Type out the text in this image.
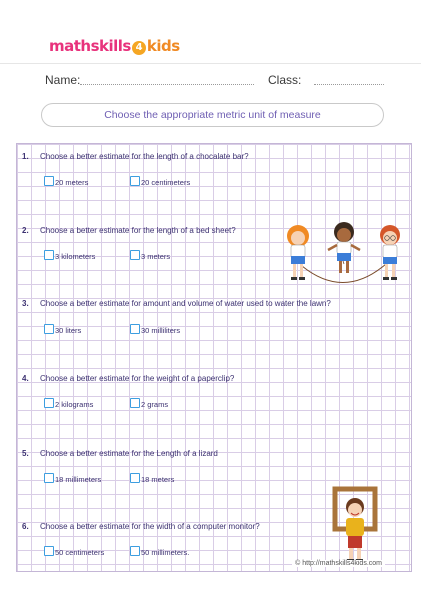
mathskills 4 kids
Name:	Class:
Choose the appropriate metric unit of measure
1. Choose a better estimate for the length of a chocalate bar?
20 meters	20 centimeters
2. Choose a better estimate for the length of a bed sheet?
3 kilometers	3 meters
3. Choose a better estimate for amount and volume of water used to water the lawn?
30 liters	30 milliliters
4. Choose a better estimate for the weight of a paperclip?
2 kilograms	2 grams
5. Choose a better estimate for the Length of a lizard
18 millimeters	18 meters
6. Choose a better estimate for the width of a computer monitor?
50 centimeters	50 millimeters.
© http://mathskills4kids.com
